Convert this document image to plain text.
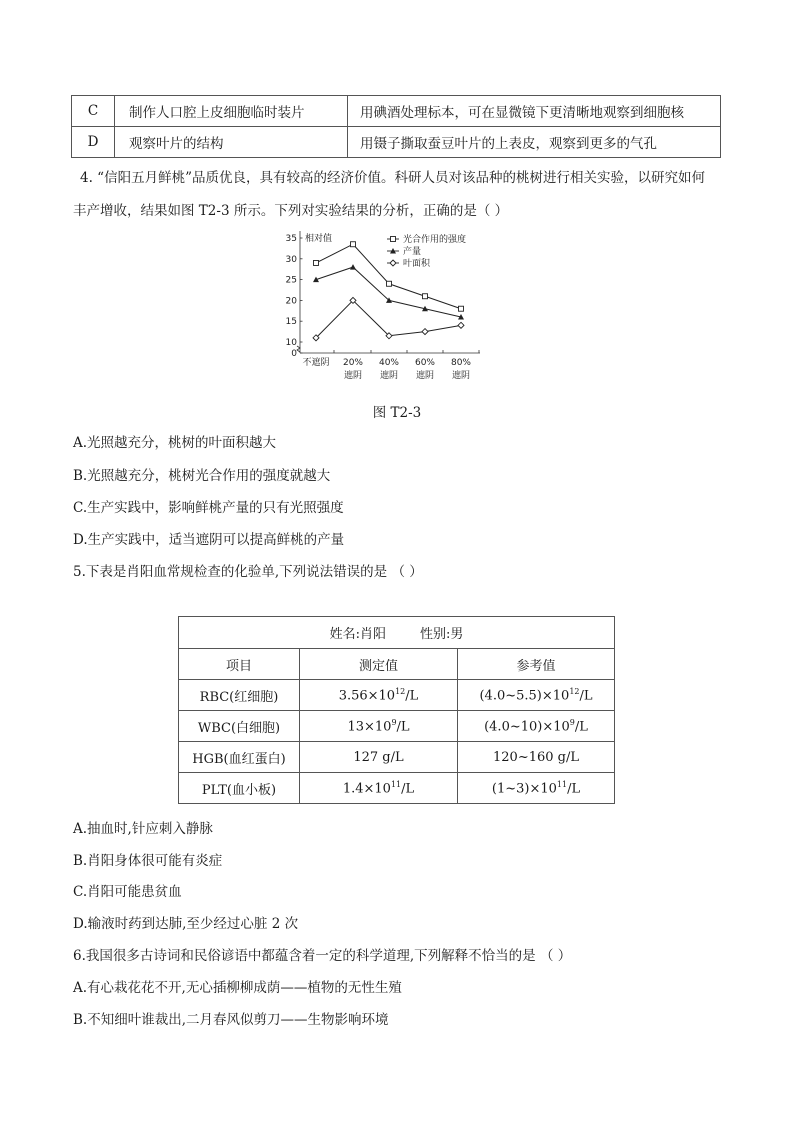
C	制作人口腔上皮细胞临时装片	用碘酒处理标本，可在显微镜下更清晰地观察到细胞核
D	观察叶片的结构	用镊子撕取蚕豆叶片的上表皮，观察到更多的气孔
4. “信阳五月鲜桃”品质优良，具有较高的经济价值。科研人员对该品种的桃树进行相关实验，以研究如何
丰产增收，结果如图 T2-3 所示。下列对实验结果的分析，正确的是（ ）
0
10
15
20
25
30
35 相对值
不遮阴 20%
遮阴
40%
遮阴
60%
遮阴
80%
遮阴
光合作用的强度
产量
叶面积
图 T2-3
A.光照越充分，桃树的叶面积越大
B.光照越充分，桃树光合作用的强度就越大
C.生产实践中，影响鲜桃产量的只有光照强度
D.生产实践中，适当遮阴可以提高鲜桃的产量
5.下表是肖阳血常规检查的化验单,下列说法错误的是 （ ）
姓名:肖阳 性别:男		
项目	测定值	参考值
RBC(红细胞)	$3.56\times 10^{12}/L$	$(4.0\sim 5.5)\times 10^{12}/L$
WBC(白细胞)	$13\times 10^9/L$	$(4.0\sim 10)\times 10^9/L$
HGB(血红蛋白)	127 g/L	120~160 g/L
PLT(血小板)	$1.4\times 10^{11}/L$	$(1\sim 3)\times 10^{11}/L$
A.抽血时,针应刺入静脉
B.肖阳身体很可能有炎症
C.肖阳可能患贫血
D.输液时药到达肺,至少经过心脏 2 次
6.我国很多古诗词和民俗谚语中都蕴含着一定的科学道理,下列解释不恰当的是 （ ）
A.有心栽花花不开,无心插柳柳成荫——植物的无性生殖
B.不知细叶谁裁出,二月春风似剪刀——生物影响环境
